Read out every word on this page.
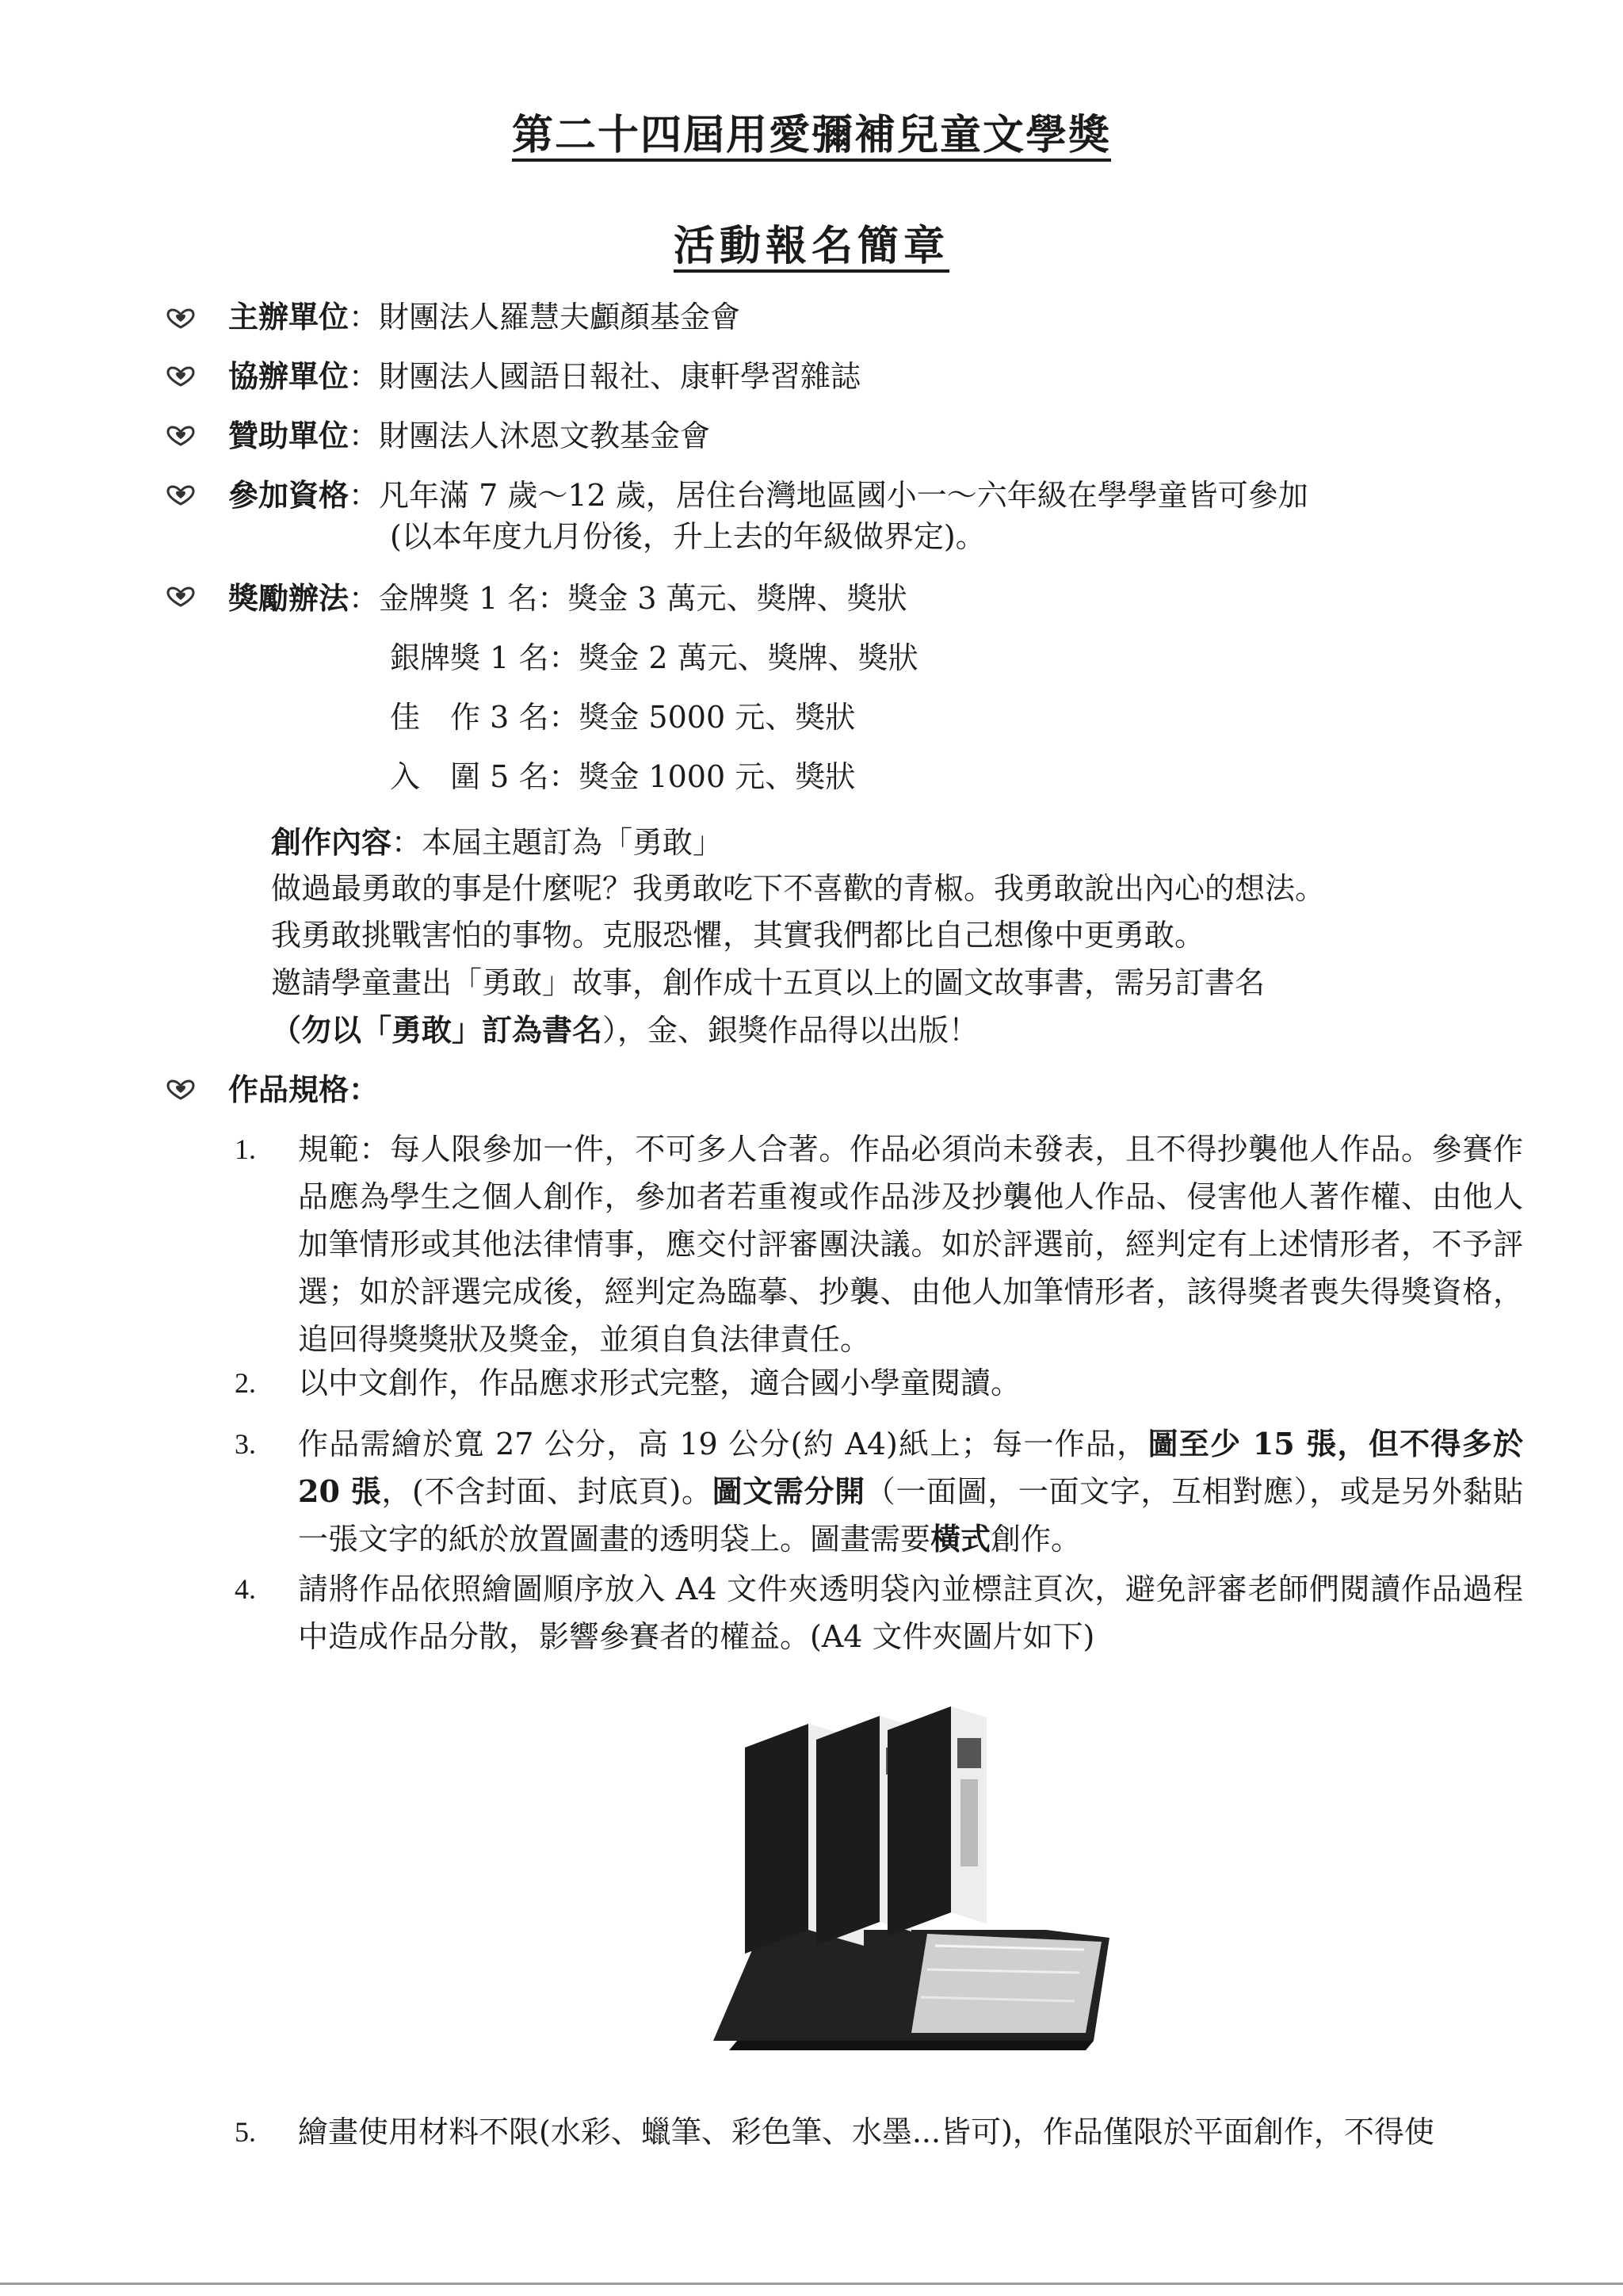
第二十四屆用愛彌補兒童文學獎
活動報名簡章
主辦單位：財團法人羅慧夫顱顏基金會
協辦單位：財團法人國語日報社、康軒學習雜誌
贊助單位：財團法人沐恩文教基金會
參加資格：凡年滿 7 歲～12 歲，居住台灣地區國小一～六年級在學學童皆可參加
(以本年度九月份後，升上去的年級做界定)。
獎勵辦法：金牌獎 1 名：獎金 3 萬元、獎牌、獎狀
銀牌獎 1 名：獎金 2 萬元、獎牌、獎狀
佳　作 3 名：獎金 5000 元、獎狀
入　圍 5 名：獎金 1000 元、獎狀
創作內容：本屆主題訂為「勇敢」
做過最勇敢的事是什麼呢？我勇敢吃下不喜歡的青椒。我勇敢說出內心的想法。
我勇敢挑戰害怕的事物。克服恐懼，其實我們都比自己想像中更勇敢。
邀請學童畫出「勇敢」故事，創作成十五頁以上的圖文故事書，需另訂書名
（勿以「勇敢」訂為書名），金、銀獎作品得以出版！
作品規格：
1. 規範：每人限參加一件，不可多人合著。作品必須尚未發表，且不得抄襲他人作品。參賽作品應為學生之個人創作，參加者若重複或作品涉及抄襲他人作品、侵害他人著作權、由他人加筆情形或其他法律情事，應交付評審團決議。如於評選前，經判定有上述情形者，不予評選；如於評選完成後，經判定為臨摹、抄襲、由他人加筆情形者，該得獎者喪失得獎資格，追回得獎獎狀及獎金，並須自負法律責任。
2. 以中文創作，作品應求形式完整，適合國小學童閱讀。
3. 作品需繪於寬 27 公分，高 19 公分(約 A4)紙上；每一作品，圖至少 15 張，但不得多於 20 張，(不含封面、封底頁)。圖文需分開（一面圖，一面文字，互相對應），或是另外黏貼一張文字的紙於放置圖畫的透明袋上。圖畫需要橫式創作。
4. 請將作品依照繪圖順序放入 A4 文件夾透明袋內並標註頁次，避免評審老師們閱讀作品過程中造成作品分散，影響參賽者的權益。(A4 文件夾圖片如下)
5. 繪畫使用材料不限(水彩、蠟筆、彩色筆、水墨...皆可)，作品僅限於平面創作，不得使
